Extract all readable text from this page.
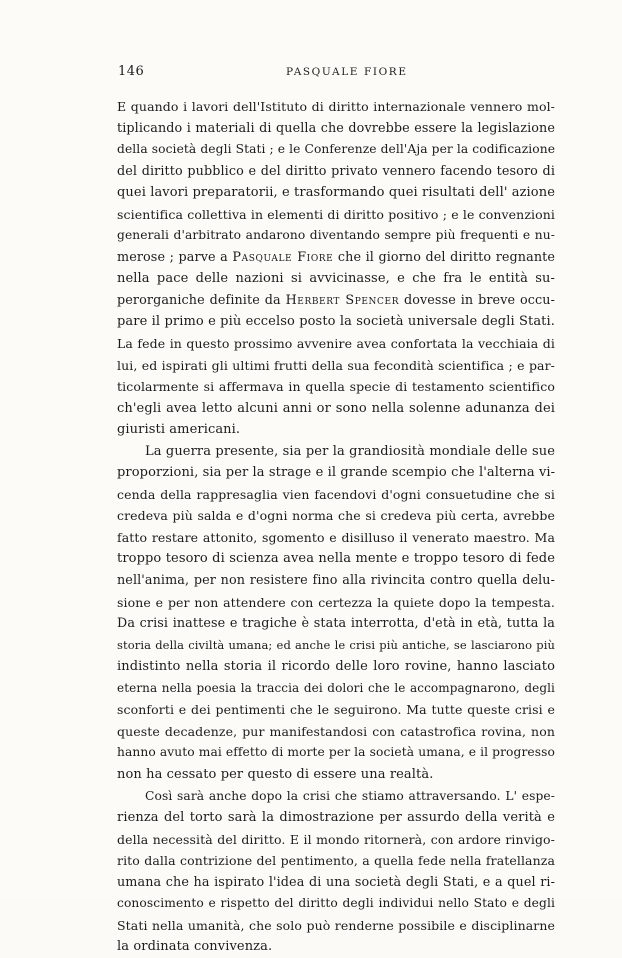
146	PASQUALE FIORE
E quando i lavori dell'Istituto di diritto internazionale vennero mol-
tiplicando i materiali di quella che dovrebbe essere la legislazione
della società degli Stati ; e le Conferenze dell'Aja per la codificazione
del diritto pubblico e del diritto privato vennero facendo tesoro di
quei lavori preparatorii, e trasformando quei risultati dell' azione
scientifica collettiva in elementi di diritto positivo ; e le convenzioni
generali d'arbitrato andarono diventando sempre più frequenti e nu-
merose ; parve a Pasquale Fiore che il giorno del diritto regnante
nella pace delle nazioni si avvicinasse, e che fra le entità su-
perorganiche definite da Herbert Spencer dovesse in breve occu-
pare il primo e più eccelso posto la società universale degli Stati.
La fede in questo prossimo avvenire avea confortata la vecchiaia di
lui, ed ispirati gli ultimi frutti della sua fecondità scientifica ; e par-
ticolarmente si affermava in quella specie di testamento scientifico
ch'egli avea letto alcuni anni or sono nella solenne adunanza dei
giuristi americani.
La guerra presente, sia per la grandiosità mondiale delle sue
proporzioni, sia per la strage e il grande scempio che l'alterna vi-
cenda della rappresaglia vien facendovi d'ogni consuetudine che si
credeva più salda e d'ogni norma che si credeva più certa, avrebbe
fatto restare attonito, sgomento e disilluso il venerato maestro. Ma
troppo tesoro di scienza avea nella mente e troppo tesoro di fede
nell'anima, per non resistere fino alla rivincita contro quella delu-
sione e per non attendere con certezza la quiete dopo la tempesta.
Da crisi inattese e tragiche è stata interrotta, d'età in età, tutta la
storia della civiltà umana; ed anche le crisi più antiche, se lasciarono più
indistinto nella storia il ricordo delle loro rovine, hanno lasciato
eterna nella poesia la traccia dei dolori che le accompagnarono, degli
sconforti e dei pentimenti che le seguirono. Ma tutte queste crisi e
queste decadenze, pur manifestandosi con catastrofica rovina, non
hanno avuto mai effetto di morte per la società umana, e il progresso
non ha cessato per questo di essere una realtà.
Così sarà anche dopo la crisi che stiamo attraversando. L' espe-
rienza del torto sarà la dimostrazione per assurdo della verità e
della necessità del diritto. E il mondo ritornerà, con ardore rinvigo-
rito dalla contrizione del pentimento, a quella fede nella fratellanza
umana che ha ispirato l'idea di una società degli Stati, e a quel ri-
conoscimento e rispetto del diritto degli individui nello Stato e degli
Stati nella umanità, che solo può renderne possibile e disciplinarne
la ordinata convivenza.
